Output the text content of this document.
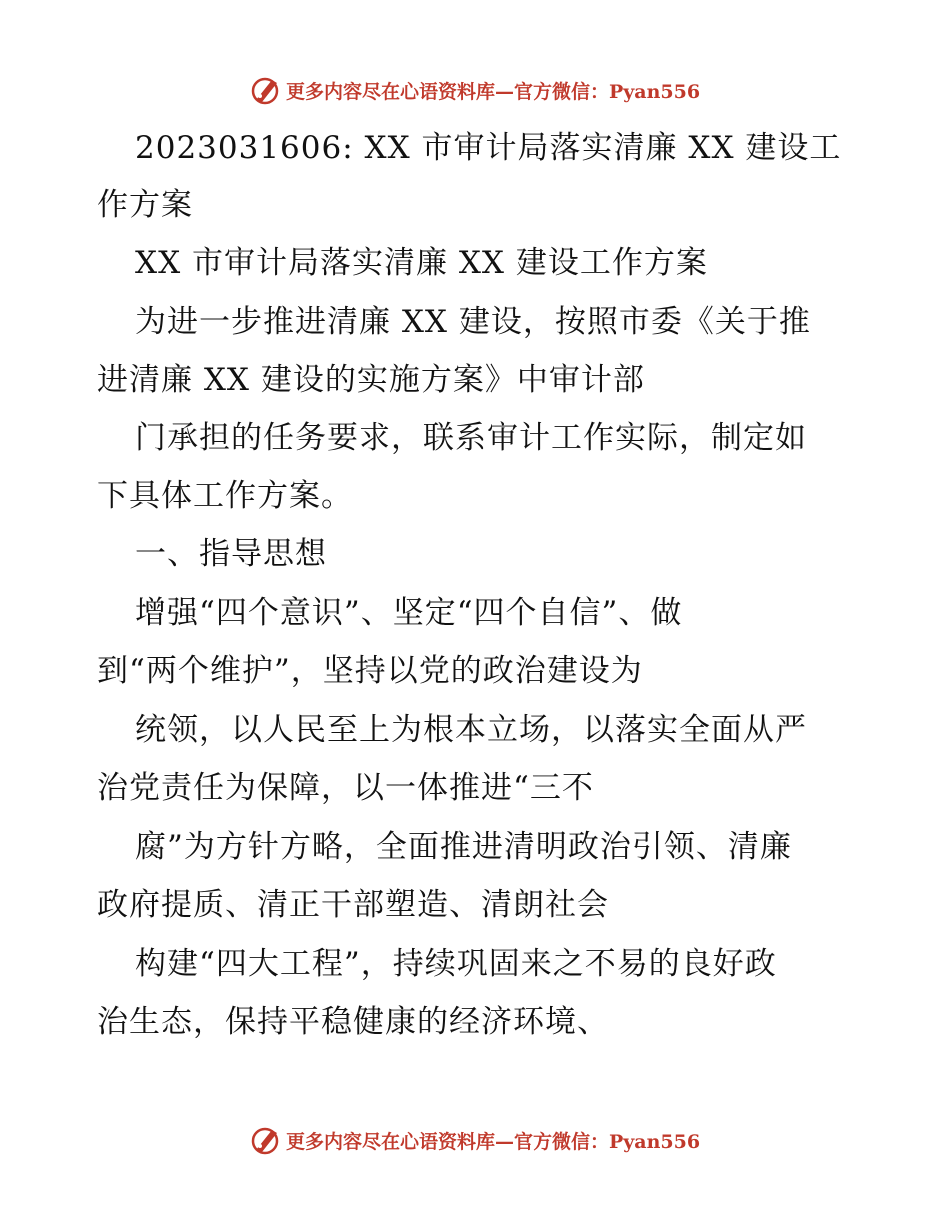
更多内容尽在心语资料库—官方微信：Pyan556
2023031606: XX 市审计局落实清廉 XX 建设工
作方案
XX 市审计局落实清廉 XX 建设工作方案
为进一步推进清廉 XX 建设，按照市委《关于推
进清廉 XX 建设的实施方案》中审计部
门承担的任务要求，联系审计工作实际，制定如
下具体工作方案。
一、指导思想
增强“四个意识”、坚定“四个自信”、做
到“两个维护”，坚持以党的政治建设为
统领，以人民至上为根本立场，以落实全面从严
治党责任为保障，以一体推进“三不
腐”为方针方略，全面推进清明政治引领、清廉
政府提质、清正干部塑造、清朗社会
构建“四大工程”，持续巩固来之不易的良好政
治生态，保持平稳健康的经济环境、
更多内容尽在心语资料库—官方微信：Pyan556
